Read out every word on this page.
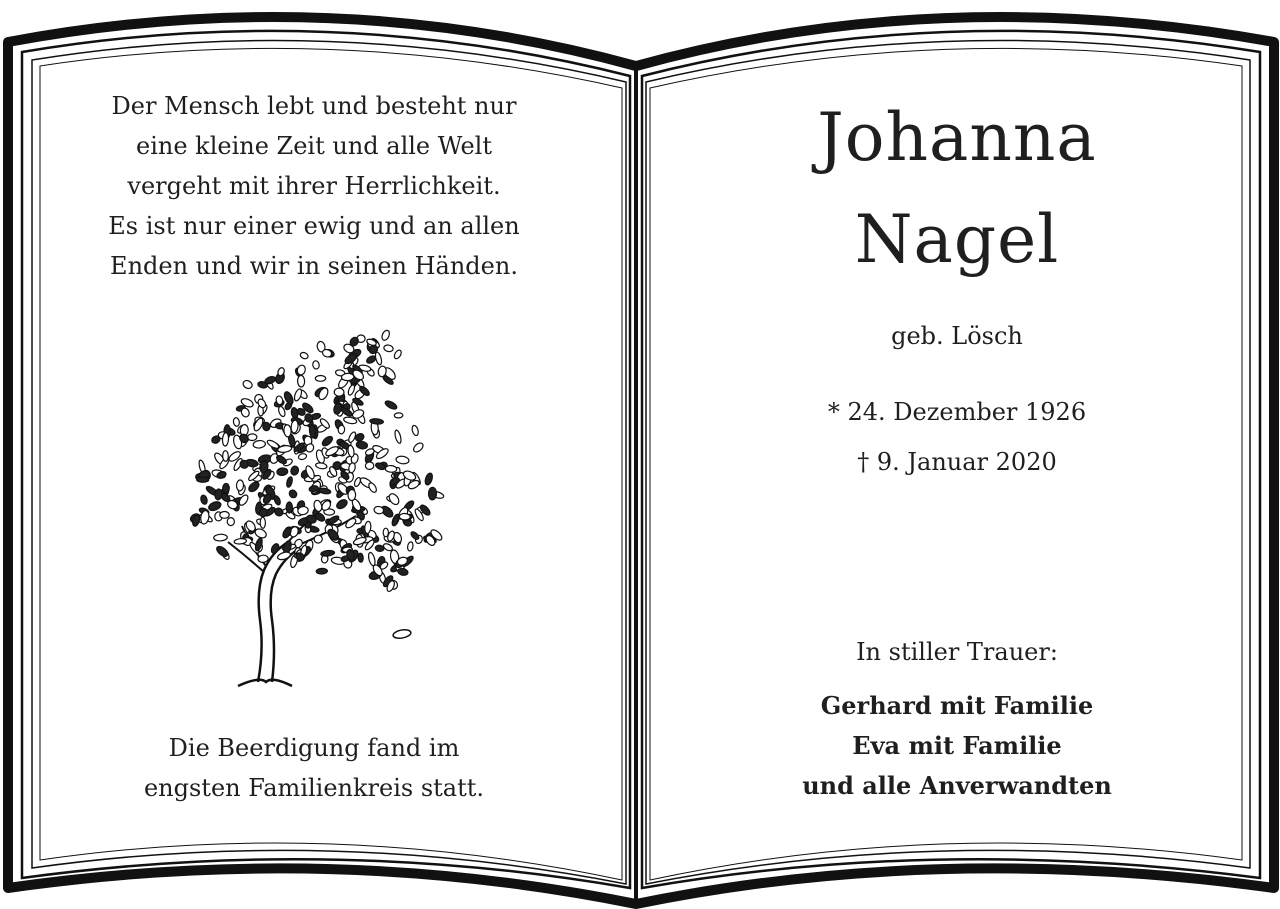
Der Mensch lebt und besteht nur
eine kleine Zeit und alle Welt
vergeht mit ihrer Herrlichkeit.
Es ist nur einer ewig und an allen
Enden und wir in seinen Händen.
Die Beerdigung fand im
engsten Familienkreis statt.
Johanna
Nagel
geb. Lösch
* 24. Dezember 1926
† 9. Januar 2020
In stiller Trauer:
Gerhard mit Familie
Eva mit Familie
und alle Anverwandten
